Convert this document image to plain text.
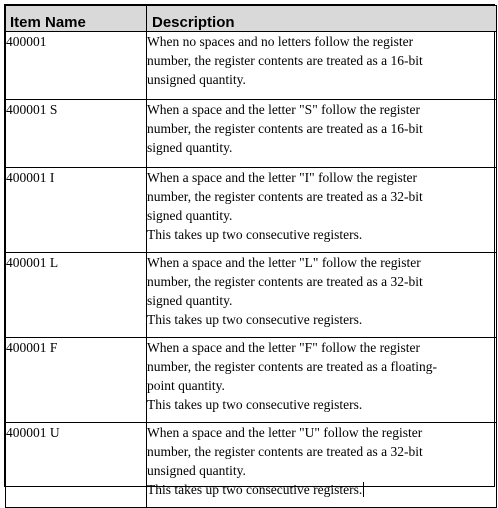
Item Name	Description
400001	When no spaces and no letters follow the register
number, the register contents are treated as a 16-bit
unsigned quantity.

400001 S	When a space and the letter "S" follow the register
number, the register contents are treated as a 16-bit
signed quantity.

400001 I	When a space and the letter "I" follow the register
number, the register contents are treated as a 32-bit
signed quantity.
This takes up two consecutive registers.

400001 L	When a space and the letter "L" follow the register
number, the register contents are treated as a 32-bit
signed quantity.
This takes up two consecutive registers.

400001 F	When a space and the letter "F" follow the register
number, the register contents are treated as a floating-
point quantity.
This takes up two consecutive registers.

400001 U	When a space and the letter "U" follow the register
number, the register contents are treated as a 32-bit
unsigned quantity.
This takes up two consecutive registers.
